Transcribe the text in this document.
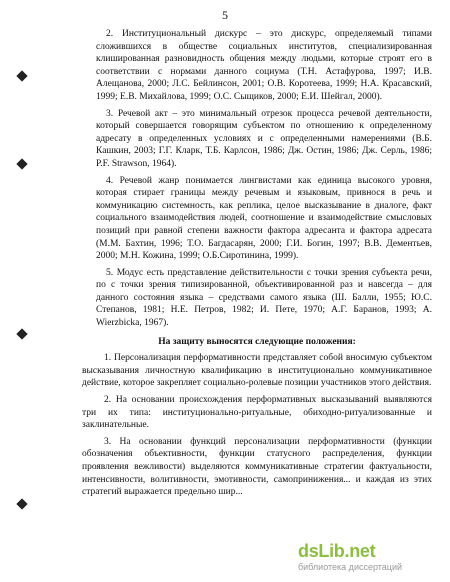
5

2. Институциональный дискурс – это дискурс, определяемый типами сложившихся в обществе социальных институтов, специализированная клишированная разновидность общения между людьми, которые строят его в соответствии с нормами данного социума (Т.Н. Астафурова, 1997; И.В. Алещанова, 2000; Л.С. Бейлинсон, 2001; О.В. Коротеева, 1999; Н.А. Красавский, 1999; Е.В. Михайлова, 1999; О.С. Сыщиков, 2000; Е.И. Шейгал, 2000).

3. Речевой акт – это минимальный отрезок процесса речевой деятельности, который совершается говорящим субъектом по отношению к определенному адресату в определенных условиях и с определенными намерениями (В.Б. Кашкин, 2003; Г.Г. Кларк, Т.Б. Карлсон, 1986; Дж. Остин, 1986; Дж. Серль, 1986; P.F. Strawson, 1964).

4. Речевой жанр понимается лингвистами как единица высокого уровня, которая стирает границы между речевым и языковым, привнося в речь и коммуникацию системность, как реплика, целое высказывание в диалоге, факт социального взаимодействия людей, соотношение и взаимодействие смысловых позиций при равной степени важности фактора адресанта и фактора адресата (М.М. Бахтин, 1996; Т.О. Багдасарян, 2000; Г.И. Богин, 1997; В.В. Дементьев, 2000; М.Н. Кожина, 1999; О.Б.Сиротинина, 1999).

5. Модус есть представление действительности с точки зрения субъекта речи, по с точки зрения типизированной, объективированной раз и навсегда – для данного состояния языка – средствами самого языка (Ш. Балли, 1955; Ю.С. Степанов, 1981; Н.Е. Петров, 1982; И. Пете, 1970; А.Г. Баранов, 1993; A. Wierzbicka, 1967).

На защиту выносятся следующие положения:

1. Персонализация перформативности представляет собой вносимую субъектом высказывания личностную квалификацию в институционально коммуникативное действие, которое закрепляет социально-ролевые позиции участников этого действия.

2. На основании происхождения перформативных высказываний выявляются три их типа: институционально-ритуальные, обиходно-ритуализованные и заклинательные.

3. На основании функций персонализации перформативности (функции обозначения объективности, функции статусного распределения, функции проявления вежливости) выделяются коммуникативные стратегии фактуальности, интенсивности, волитивности, эмотивности, самопринижения... и каждая из этих стратегий выражается предельно шир...

dsLib.net
библиотека диссертаций
